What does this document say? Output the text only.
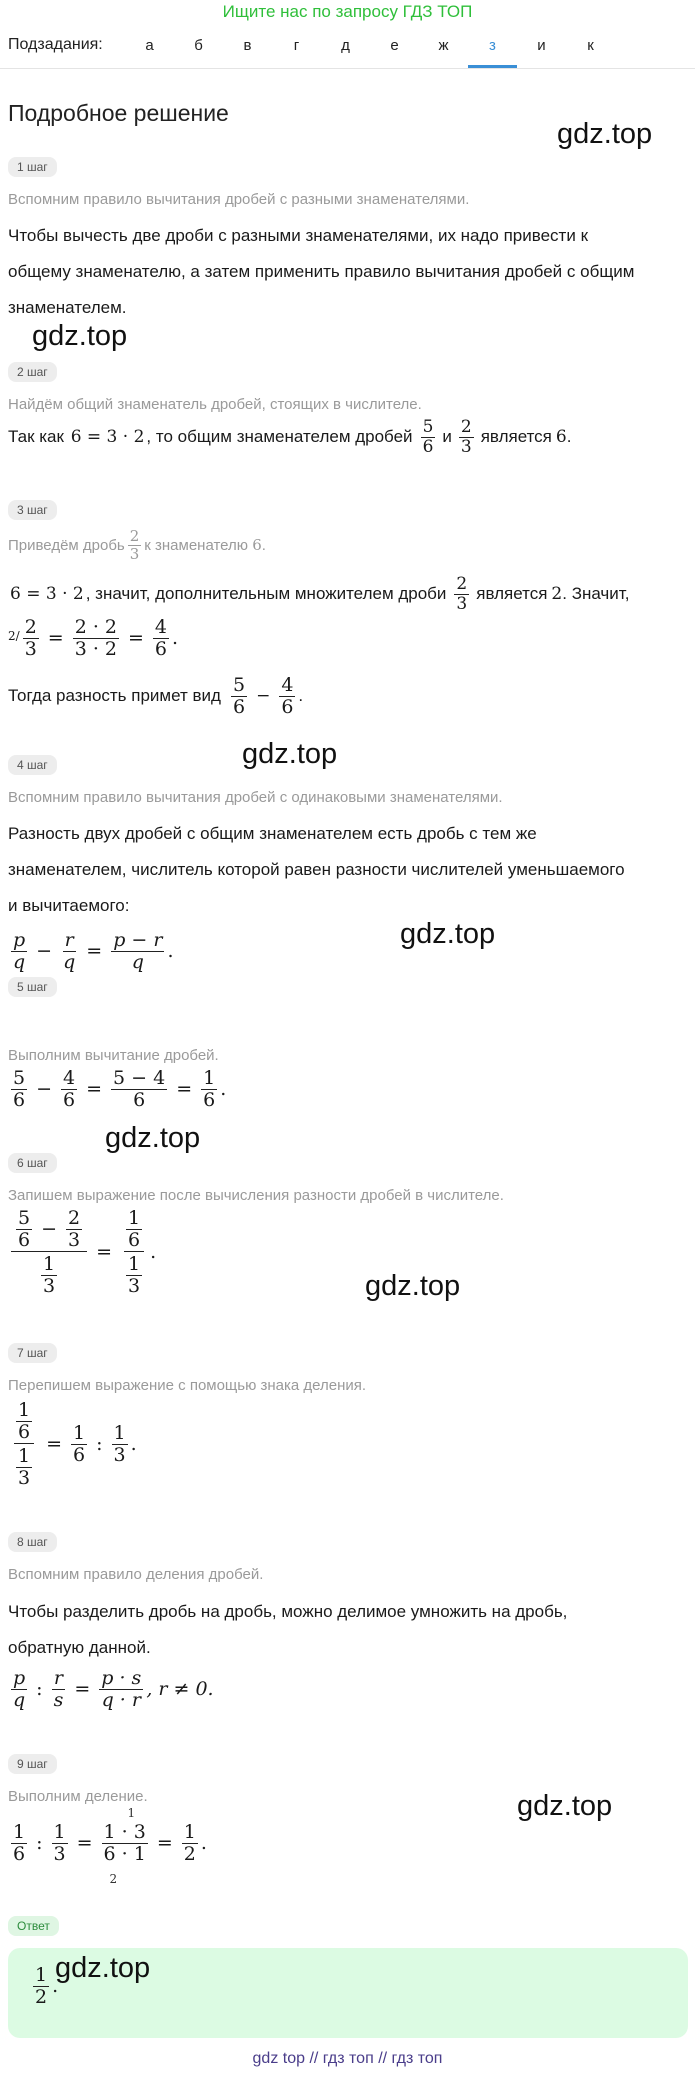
Ищите нас по запросу ГДЗ ТОП
Подзадания:	а	б	в	г	д	е	ж	з	и	к
Подробное решение
gdz.top
gdz.top
gdz.top
gdz.top
gdz.top
gdz.top
gdz.top
1 шаг
Вспомним правило вычитания дробей с разными знаменателями.
Чтобы вычесть две дроби с разными знаменателями, их надо привести к
общему знаменателю, а затем применить правило вычитания дробей с общим
знаменателем.
2 шаг
Найдём общий знаменатель дробей, стоящих в числителе.
Так как
6 = 3 · 2 , то общим знаменателем дробей $\frac{5}{6}$ и $\frac{2}{3}$ является 6 .
3 шаг
Приведём дробь $\frac{2}{3}$ к знаменателю
6 .
6 = 3 · 2 , значит, дополнительным множителем дроби $\frac{2}{3}$ является 2 . Значит,
$2/ \frac{2}{3} = \frac{2 \cdot 2}{3 \cdot 2} = \frac{4}{6}$ .
Тогда разность примет вид $\frac{5}{6} - \frac{4}{6}$ .
4 шаг
Вспомним правило вычитания дробей с одинаковыми знаменателями.
Разность двух дробей с общим знаменателем есть дробь с тем же
знаменателем, числитель которой равен разности числителей уменьшаемого
и вычитаемого:
$\frac{p}{q} - \frac{r}{q} = \frac{p - r}{q}$ .
5 шаг
Выполним вычитание дробей.
$\frac{5}{6} - \frac{4}{6} = \frac{5 - 4}{6} = \frac{1}{6}$ .
6 шаг
Запишем выражение после вычисления разности дробей в числителе.
$\frac{\frac{5}{6} - \frac{2}{3}}{\frac{1}{3}} = \frac{\frac{1}{6}}{\frac{1}{3}}$ .
7 шаг
Перепишем выражение с помощью знака деления.
$\frac{\frac{1}{6}}{\frac{1}{3}} = \frac{1}{6}$ : $\frac{1}{3}$ .
8 шаг
Вспомним правило деления дробей.
Чтобы разделить дробь на дробь, можно делимое умножить на дробь,
обратную данной.
$\frac{p}{q}$ : $\frac{r}{s} = \frac{p \cdot s}{q \cdot r}$ , r ≠ 0.
9 шаг
Выполним деление.
$\frac{1}{6}$ : $\frac{1}{3} = \frac{1 \cdot 3}{6 \cdot 1}$
1
2
= $\frac{1}{2}$ .
Ответ
$\frac{1}{2}$ .
gdz.top
gdz top // гдз топ // гдз топ
